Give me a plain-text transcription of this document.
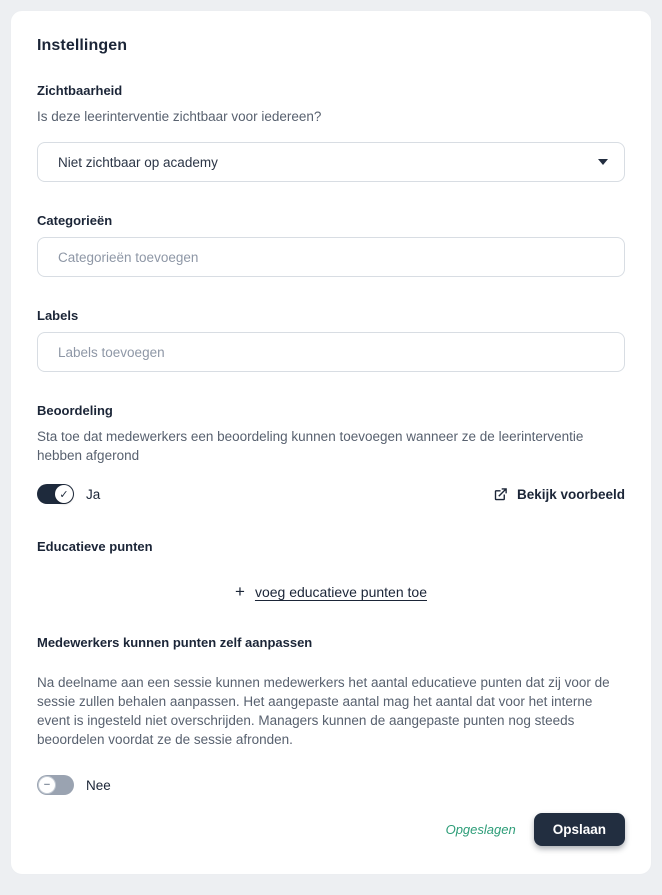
Instellingen
Zichtbaarheid
Is deze leerinterventie zichtbaar voor iedereen?
Niet zichtbaar op academy
Categorieën
Categorieën toevoegen
Labels
Labels toevoegen
Beoordeling
Sta toe dat medewerkers een beoordeling kunnen toevoegen wanneer ze de leerinterventie hebben afgerond
✓	Ja	Bekijk voorbeeld
Educatieve punten
+ voeg educatieve punten toe
Medewerkers kunnen punten zelf aanpassen
Na deelname aan een sessie kunnen medewerkers het aantal educatieve punten dat zij voor de sessie zullen behalen aanpassen. Het aangepaste aantal mag het aantal dat voor het interne event is ingesteld niet overschrijden. Managers kunnen de aangepaste punten nog steeds beoordelen voordat ze de sessie afronden.
−	Nee
Opgeslagen	Opslaan
